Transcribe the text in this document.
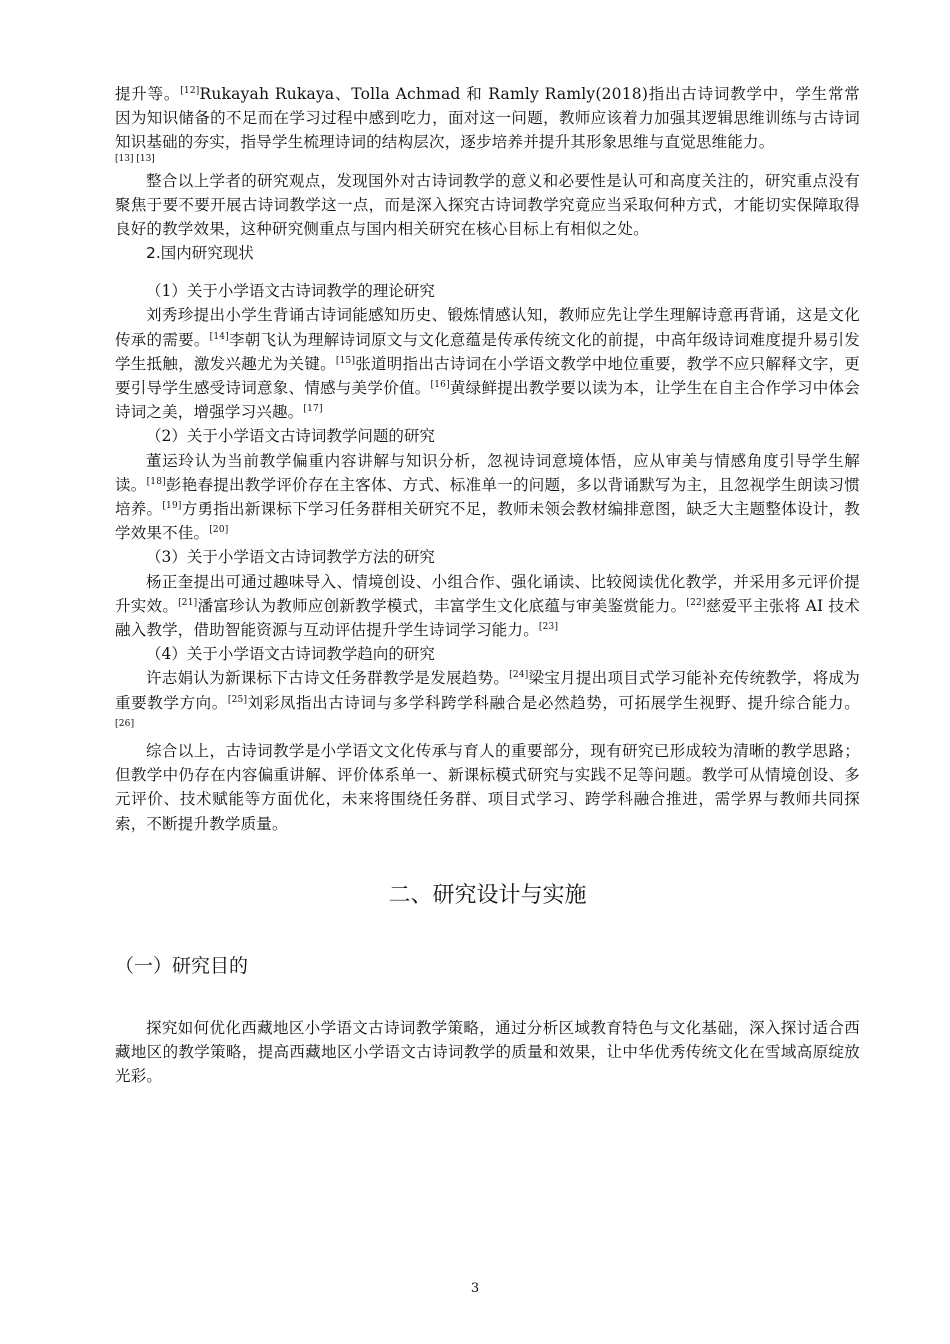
提升等。[12]Rukayah Rukaya、Tolla Achmad 和 Ramly Ramly(2018)指出古诗词教学中，学生常常因为知识储备的不足而在学习过程中感到吃力，面对这一问题，教师应该着力加强其逻辑思维训练与古诗词知识基础的夯实，指导学生梳理诗词的结构层次，逐步培养并提升其形象思维与直觉思维能力。

[13] [13]

整合以上学者的研究观点，发现国外对古诗词教学的意义和必要性是认可和高度关注的，研究重点没有聚焦于要不要开展古诗词教学这一点，而是深入探究古诗词教学究竟应当采取何种方式，才能切实保障取得良好的教学效果，这种研究侧重点与国内相关研究在核心目标上有相似之处。

2.国内研究现状
（1）关于小学语文古诗词教学的理论研究

刘秀珍提出小学生背诵古诗词能感知历史、锻炼情感认知，教师应先让学生理解诗意再背诵，这是文化传承的需要。[14]李朝飞认为理解诗词原文与文化意蕴是传承传统文化的前提，中高年级诗词难度提升易引发学生抵触，激发兴趣尤为关键。[15]张道明指出古诗词在小学语文教学中地位重要，教学不应只解释文字，更要引导学生感受诗词意象、情感与美学价值。[16]黄绿鲜提出教学要以读为本，让学生在自主合作学习中体会诗词之美，增强学习兴趣。[17]

（2）关于小学语文古诗词教学问题的研究

董运玲认为当前教学偏重内容讲解与知识分析，忽视诗词意境体悟，应从审美与情感角度引导学生解读。[18]彭艳春提出教学评价存在主客体、方式、标准单一的问题，多以背诵默写为主，且忽视学生朗读习惯培养。[19]方勇指出新课标下学习任务群相关研究不足，教师未领会教材编排意图，缺乏大主题整体设计，教学效果不佳。[20]

（3）关于小学语文古诗词教学方法的研究

杨正奎提出可通过趣味导入、情境创设、小组合作、强化诵读、比较阅读优化教学，并采用多元评价提升实效。[21]潘富珍认为教师应创新教学模式，丰富学生文化底蕴与审美鉴赏能力。[22]慈爱平主张将 AI 技术融入教学，借助智能资源与互动评估提升学生诗词学习能力。[23]

（4）关于小学语文古诗词教学趋向的研究

许志娟认为新课标下古诗文任务群教学是发展趋势。[24]梁宝月提出项目式学习能补充传统教学，将成为重要教学方向。[25]刘彩凤指出古诗词与多学科跨学科融合是必然趋势，可拓展学生视野、提升综合能力。[26]

综合以上，古诗词教学是小学语文文化传承与育人的重要部分，现有研究已形成较为清晰的教学思路；但教学中仍存在内容偏重讲解、评价体系单一、新课标模式研究与实践不足等问题。教学可从情境创设、多元评价、技术赋能等方面优化，未来将围绕任务群、项目式学习、跨学科融合推进，需学界与教师共同探索，不断提升教学质量。

二、研究设计与实施
（一）研究目的

探究如何优化西藏地区小学语文古诗词教学策略，通过分析区域教育特色与文化基础，深入探讨适合西藏地区的教学策略，提高西藏地区小学语文古诗词教学的质量和效果，让中华优秀传统文化在雪域高原绽放光彩。

3
